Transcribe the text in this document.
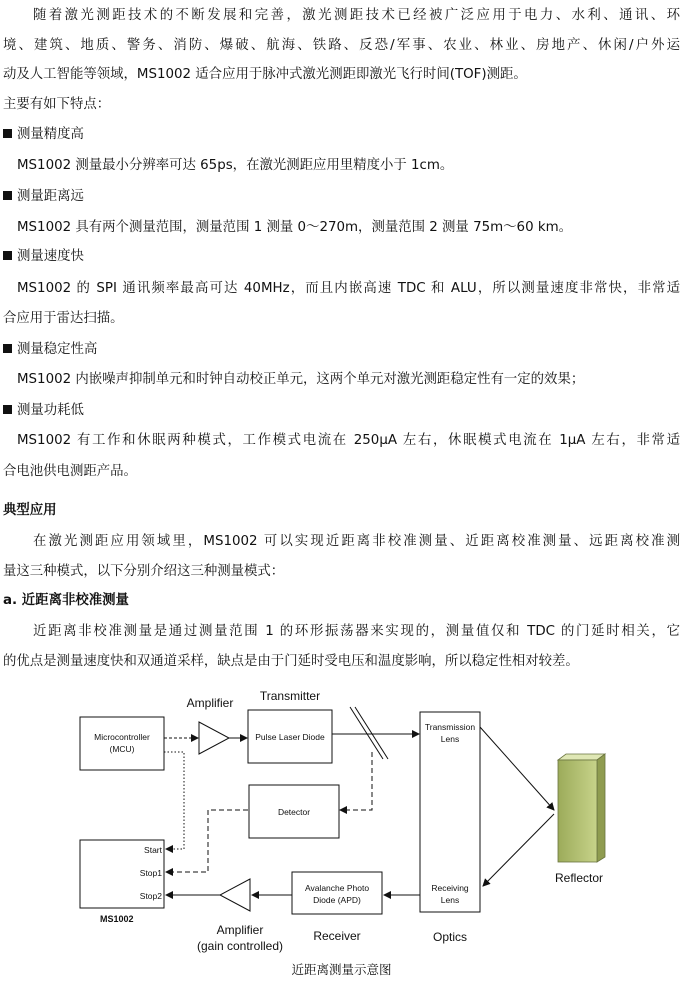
随着激光测距技术的不断发展和完善，激光测距技术已经被广泛应用于电力、水利、通讯、环
境、建筑、地质、警务、消防、爆破、航海、铁路、反恐/军事、农业、林业、房地产、休闲/户外运
动及人工智能等领域，MS1002 适合应用于脉冲式激光测距即激光飞行时间(TOF)测距。
主要有如下特点：
测量精度高
MS1002 测量最小分辨率可达 65ps，在激光测距应用里精度小于 1cm。
测量距离远
MS1002 具有两个测量范围，测量范围 1 测量 0～270m，测量范围 2 测量 75m～60 km。
测量速度快
MS1002 的 SPI 通讯频率最高可达 40MHz，而且内嵌高速 TDC 和 ALU，所以测量速度非常快，非常适
合应用于雷达扫描。
测量稳定性高
MS1002 内嵌噪声抑制单元和时钟自动校正单元，这两个单元对激光测距稳定性有一定的效果；
测量功耗低
MS1002 有工作和休眠两种模式，工作模式电流在 250μA 左右，休眠模式电流在 1μA 左右，非常适
合电池供电测距产品。
典型应用
在激光测距应用领域里，MS1002 可以实现近距离非校准测量、近距离校准测量、远距离校准测
量这三种模式，以下分别介绍这三种测量模式：
a. 近距离非校准测量
近距离非校准测量是通过测量范围 1 的环形振荡器来实现的，测量值仅和 TDC 的门延时相关，它
的优点是测量速度快和双通道采样，缺点是由于门延时受电压和温度影响，所以稳定性相对较差。
Microcontroller
(MCU)
Amplifier Transmitter
Pulse Laser Diode
Transmission
Lens
Receiving
Lens
Optics
Reflector
Detector
Start
Stop1
Stop2
MS1002
Amplifier
(gain controlled)
Avalanche Photo
Diode (APD)
Receiver
近距离测量示意图
